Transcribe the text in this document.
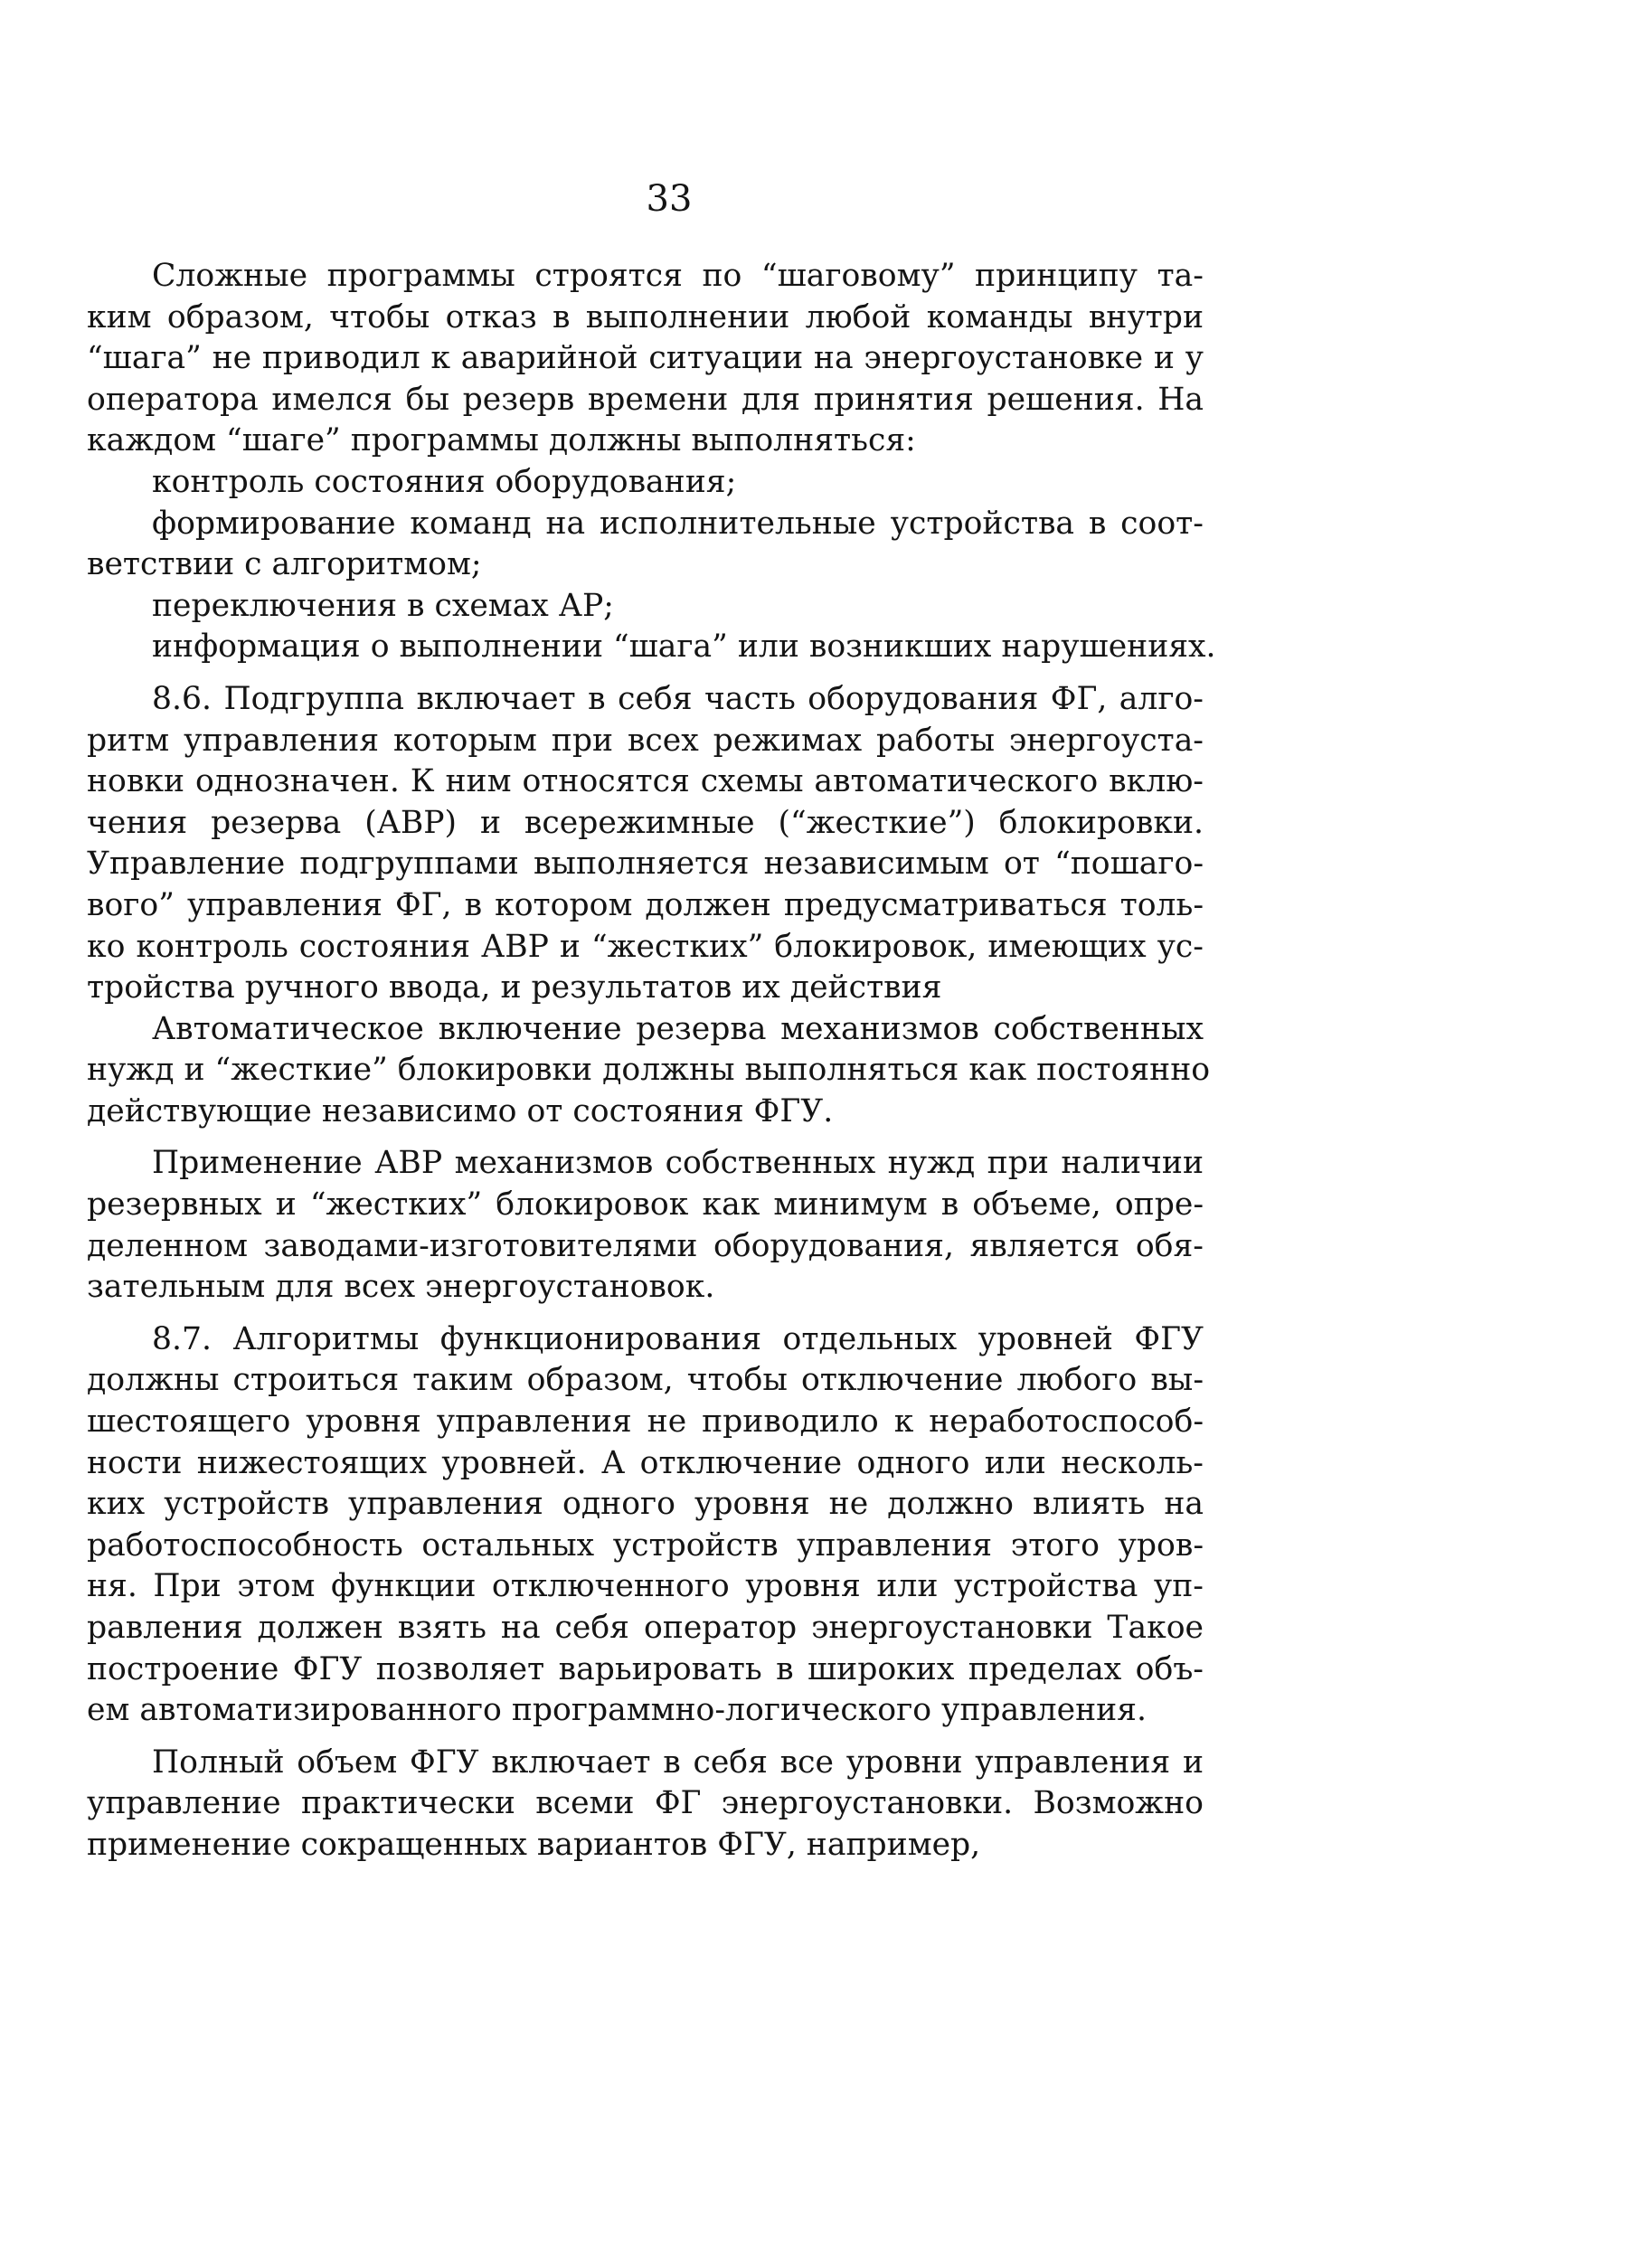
33
Сложные программы строятся по “шаговому” принципу та-
ким образом, чтобы отказ в выполнении любой команды внутри
“шага” не приводил к аварийной ситуации на энергоустановке и у
оператора имелся бы резерв времени для принятия решения. На
каждом “шаге” программы должны выполняться:
контроль состояния оборудования;
формирование команд на исполнительные устройства в соот-
ветствии с алгоритмом;
переключения в схемах АР;
информация о выполнении “шага” или возникших нарушениях.
8.6. Подгруппа включает в себя часть оборудования ФГ, алго-
ритм управления которым при всех режимах работы энергоуста-
новки однозначен. К ним относятся схемы автоматического вклю-
чения резерва (АВР) и всережимные (“жесткие”) блокировки.
Управление подгруппами выполняется независимым от “пошаго-
вого” управления ФГ, в котором должен предусматриваться толь-
ко контроль состояния АВР и “жестких” блокировок, имеющих ус-
тройства ручного ввода, и результатов их действия
Автоматическое включение резерва механизмов собственных
нужд и “жесткие” блокировки должны выполняться как постоянно
действующие независимо от состояния ФГУ.
Применение АВР механизмов собственных нужд при наличии
резервных и “жестких” блокировок как минимум в объеме, опре-
деленном заводами-изготовителями оборудования, является обя-
зательным для всех энергоустановок.
8.7. Алгоритмы функционирования отдельных уровней ФГУ
должны строиться таким образом, чтобы отключение любого вы-
шестоящего уровня управления не приводило к неработоспособ-
ности нижестоящих уровней. А отключение одного или несколь-
ких устройств управления одного уровня не должно влиять на
работоспособность остальных устройств управления этого уров-
ня. При этом функции отключенного уровня или устройства уп-
равления должен взять на себя оператор энергоустановки Такое
построение ФГУ позволяет варьировать в широких пределах объ-
ем автоматизированного программно-логического управления.
Полный объем ФГУ включает в себя все уровни управления и
управление практически всеми ФГ энергоустановки. Возможно
применение сокращенных вариантов ФГУ, например,
